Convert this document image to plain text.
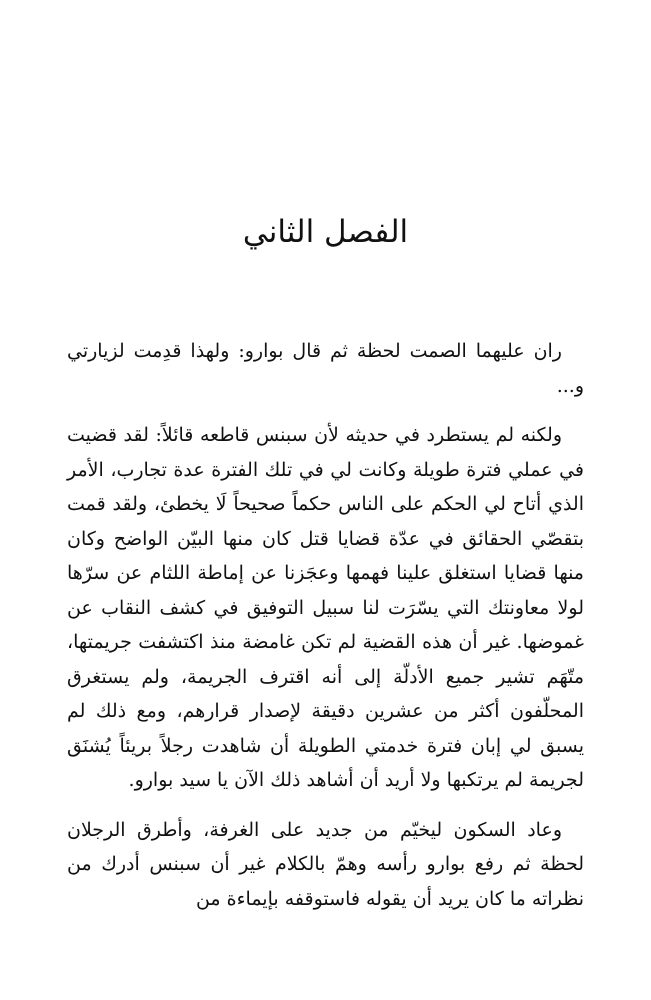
الفصل الثاني

ران عليهما الصمت لحظة ثم قال بوارو: ولهذا قدِمت لزيارتي و...

ولكنه لم يستطرد في حديثه لأن سبنس قاطعه قائلاً: لقد قضيت في عملي فترة طويلة وكانت لي في تلك الفترة عدة تجارب، الأمر الذي أتاح لي الحكم على الناس حكماً صحيحاً لَا يخطئ، ولقد قمت بتقصّي الحقائق في عدّة قضايا قتل كان منها البيّن الواضح وكان منها قضايا استغلق علينا فهمها وعجَزنا عن إماطة اللثام عن سرّها لولا معاونتك التي يسّرَت لنا سبيل التوفيق في كشف النقاب عن غموضها. غير أن هذه القضية لم تكن غامضة منذ اكتشفت جريمتها، متّهَم تشير جميع الأدلّة إلى أنه اقترف الجريمة، ولم يستغرق المحلّفون أكثر من عشرين دقيقة لإصدار قرارهم، ومع ذلك لم يسبق لي إبان فترة خدمتي الطويلة أن شاهدت رجلاً بريئاً يُشنَق لجريمة لم يرتكبها ولا أريد أن أشاهد ذلك الآن يا سيد بوارو.

وعاد السكون ليخيّم من جديد على الغرفة، وأطرق الرجلان لحظة ثم رفع بوارو رأسه وهمّ بالكلام غير أن سبنس أدرك من نظراته ما كان يريد أن يقوله فاستوقفه بإيماءة من
